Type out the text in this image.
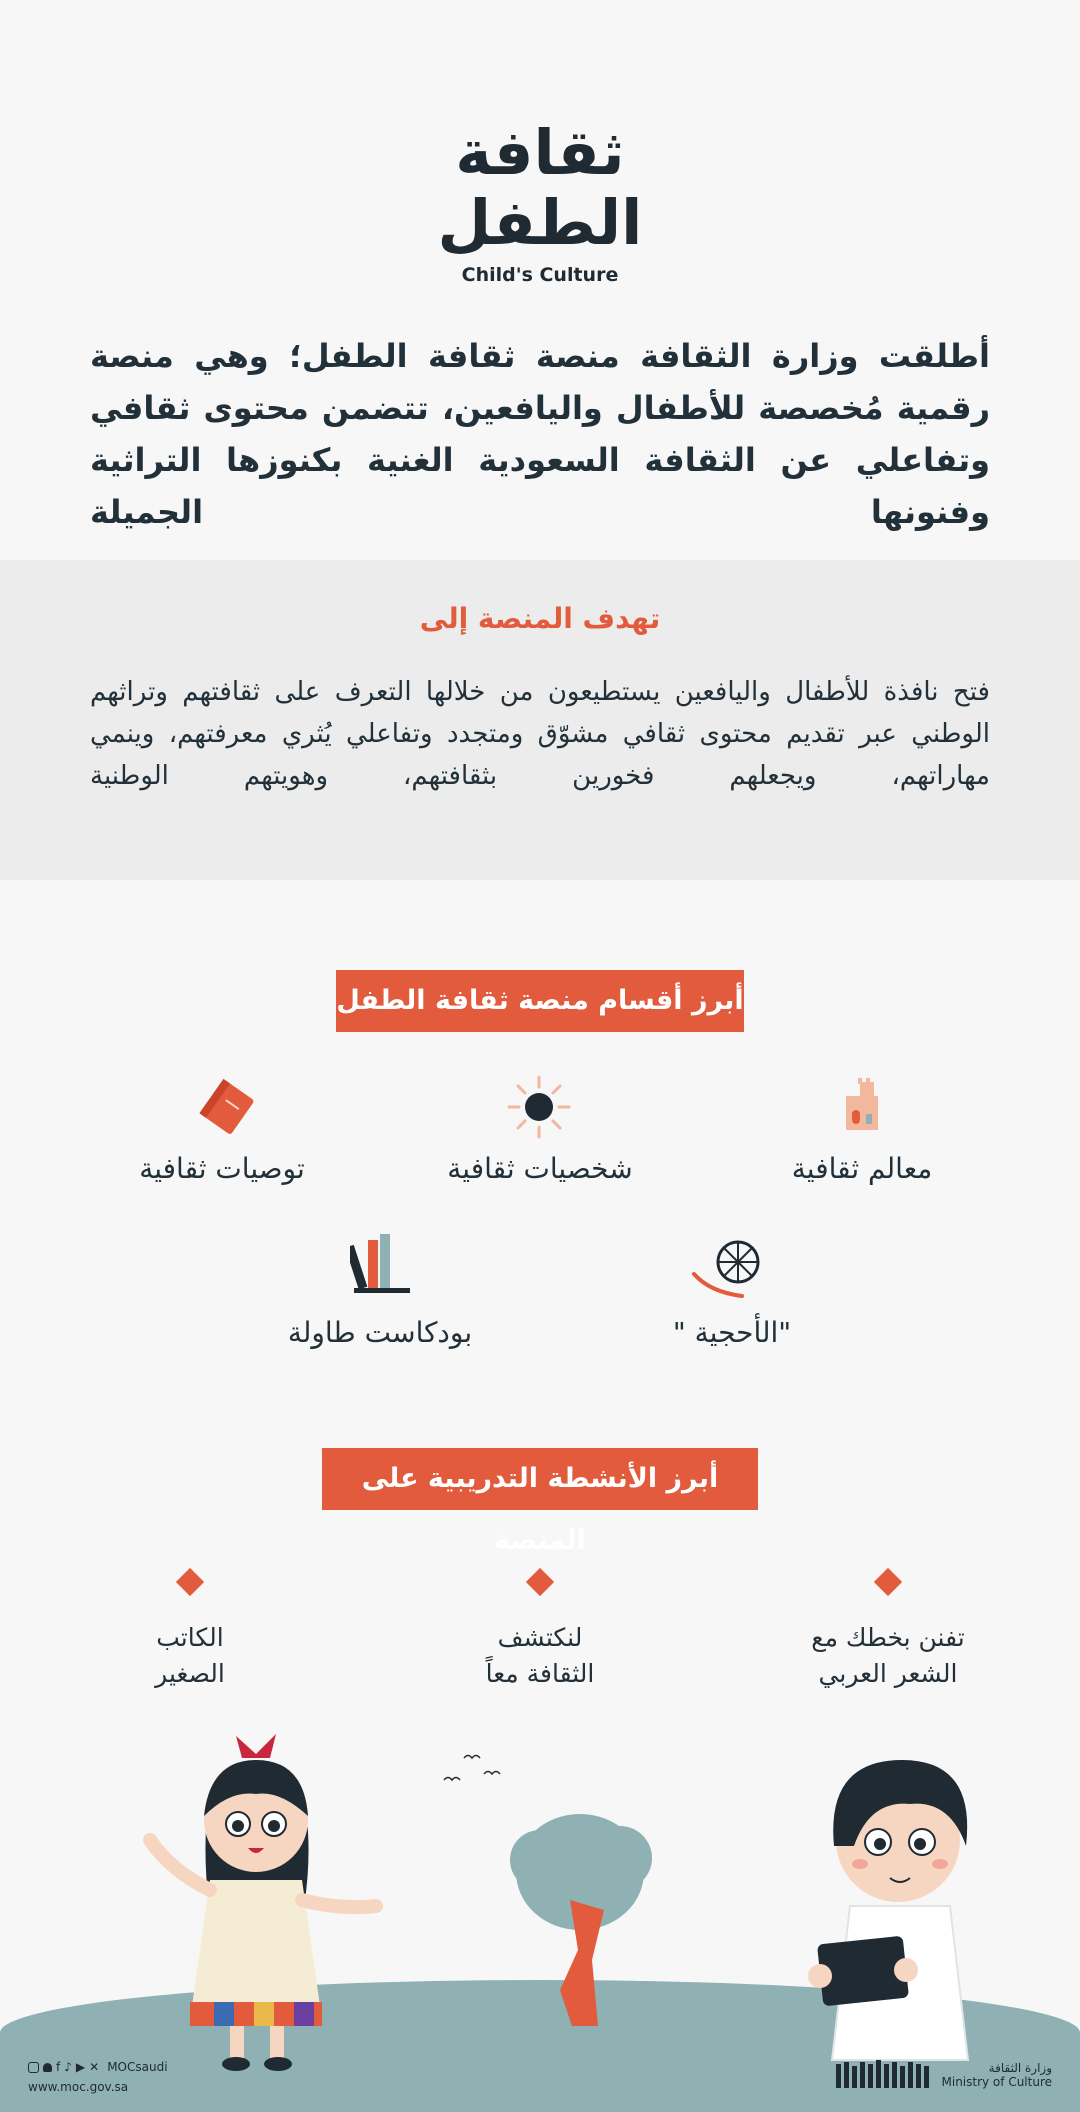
ثقافة
الطفل
Child's Culture
أطلقت وزارة الثقافة منصة ثقافة الطفل؛ وهي منصة رقمية مُخصصة للأطفال واليافعين، تتضمن محتوى ثقافي وتفاعلي عن الثقافة السعودية الغنية بكنوزها التراثية وفنونها الجميلة
تهدف المنصة إلى
فتح نافذة للأطفال واليافعين يستطيعون من خلالها التعرف على ثقافتهم وتراثهم الوطني عبر تقديم محتوى ثقافي مشوّق ومتجدد وتفاعلي يُثري معرفتهم، وينمي مهاراتهم، ويجعلهم فخورين بثقافتهم، وهويتهم الوطنية
أبرز أقسام منصة ثقافة الطفل
معالم ثقافية
شخصيات ثقافية
توصيات ثقافية
"الأحجية "
بودكاست طاولة
أبرز الأنشطة التدريبية على المنصة
تفنن بخطك مع
الشعر العربي
لنكتشف
الثقافة معاً
الكاتب
الصغير
f ♪ ▶ ✕ MOCsaudi
www.moc.gov.sa
وزارة الثقافة
Ministry of Culture
